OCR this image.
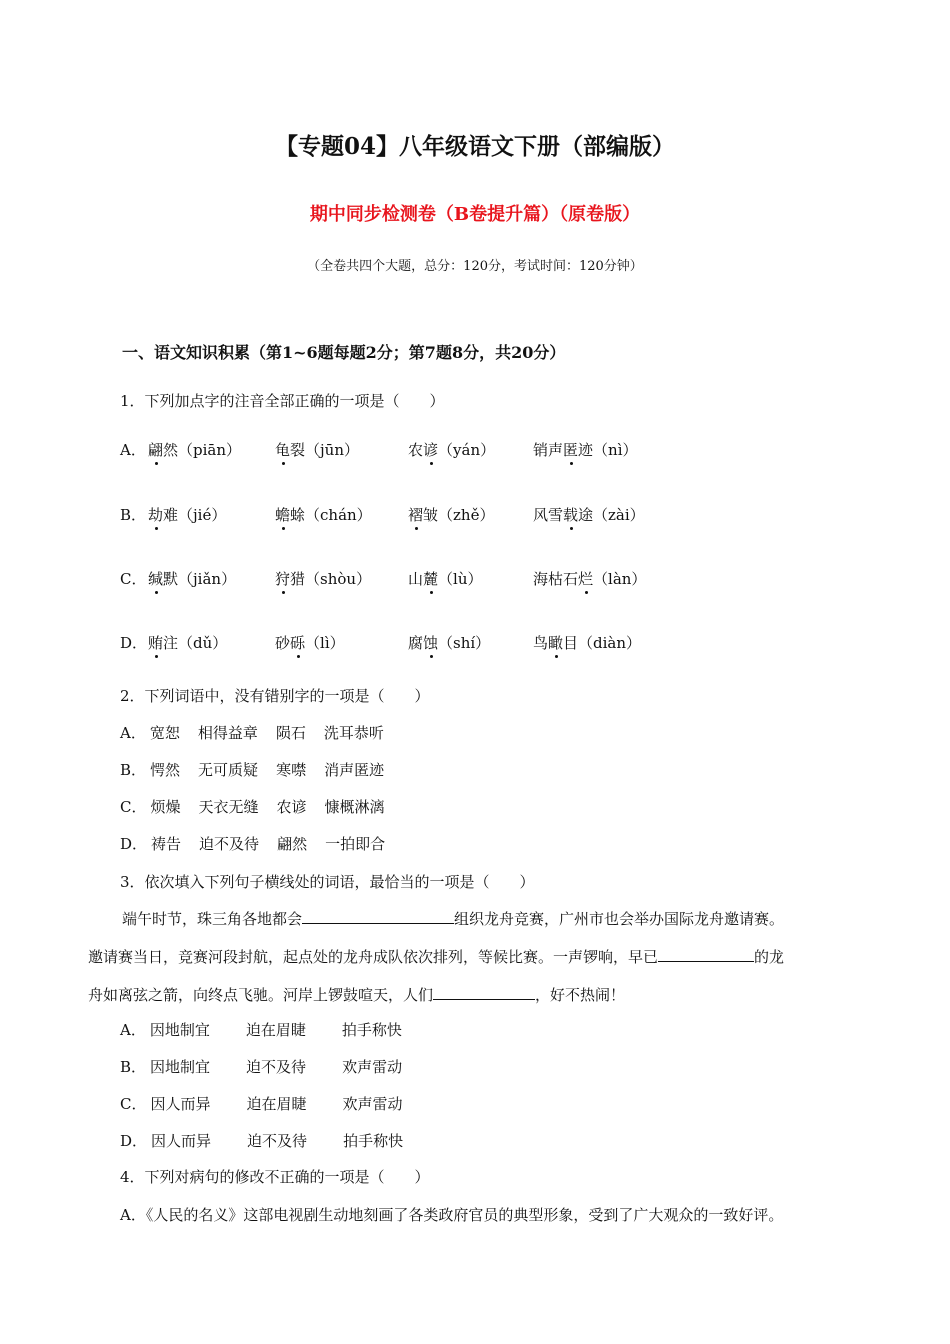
【专题04】八年级语文下册（部编版）
期中同步检测卷（B卷提升篇）（原卷版）
（全卷共四个大题，总分：120分，考试时间：120分钟）
一、语文知识积累（第1~6题每题2分；第7题8分，共20分）
1．下列加点字的注音全部正确的一项是（　　）
A． 翩然（piān） 龟裂（jūn）	农谚（yán）	销声匿迹（nì）
B． 劫难（jié）	蟾蜍（chán） 褶皱（zhě）	风雪载途（zài）
C． 缄默（jiǎn）	狩猎（shòu） 山麓（lù）	海枯石烂（làn）
D． 贿注（dǔ）	砂砾（lì）	腐蚀（shí）	鸟瞰目（diàn）
2．下列词语中，没有错别字的一项是（　　）
A． 宽恕 相得益章 陨石 洗耳恭听
B． 愕然 无可质疑 寒噤 消声匿迹
C． 烦燥 天衣无缝 农谚 慷概淋漓
D． 祷告 迫不及待 翩然 一拍即合
3．依次填入下列句子横线处的词语，最恰当的一项是（　　）
端午时节，珠三角各地都会	组织龙舟竞赛，广州市也会举办国际龙舟邀请赛。
邀请赛当日，竞赛河段封航，起点处的龙舟成队依次排列，等候比赛。一声锣响，早已	的龙
舟如离弦之箭，向终点飞驰。河岸上锣鼓喧天，人们	，好不热闹！
A． 因地制宜 迫在眉睫 拍手称快
B． 因地制宜 迫不及待 欢声雷动
C． 因人而异 迫在眉睫 欢声雷动
D． 因人而异 迫不及待 拍手称快
4．下列对病句的修改不正确的一项是（　　）
A．《人民的名义》这部电视剧生动地刻画了各类政府官员的典型形象，受到了广大观众的一致好评。
